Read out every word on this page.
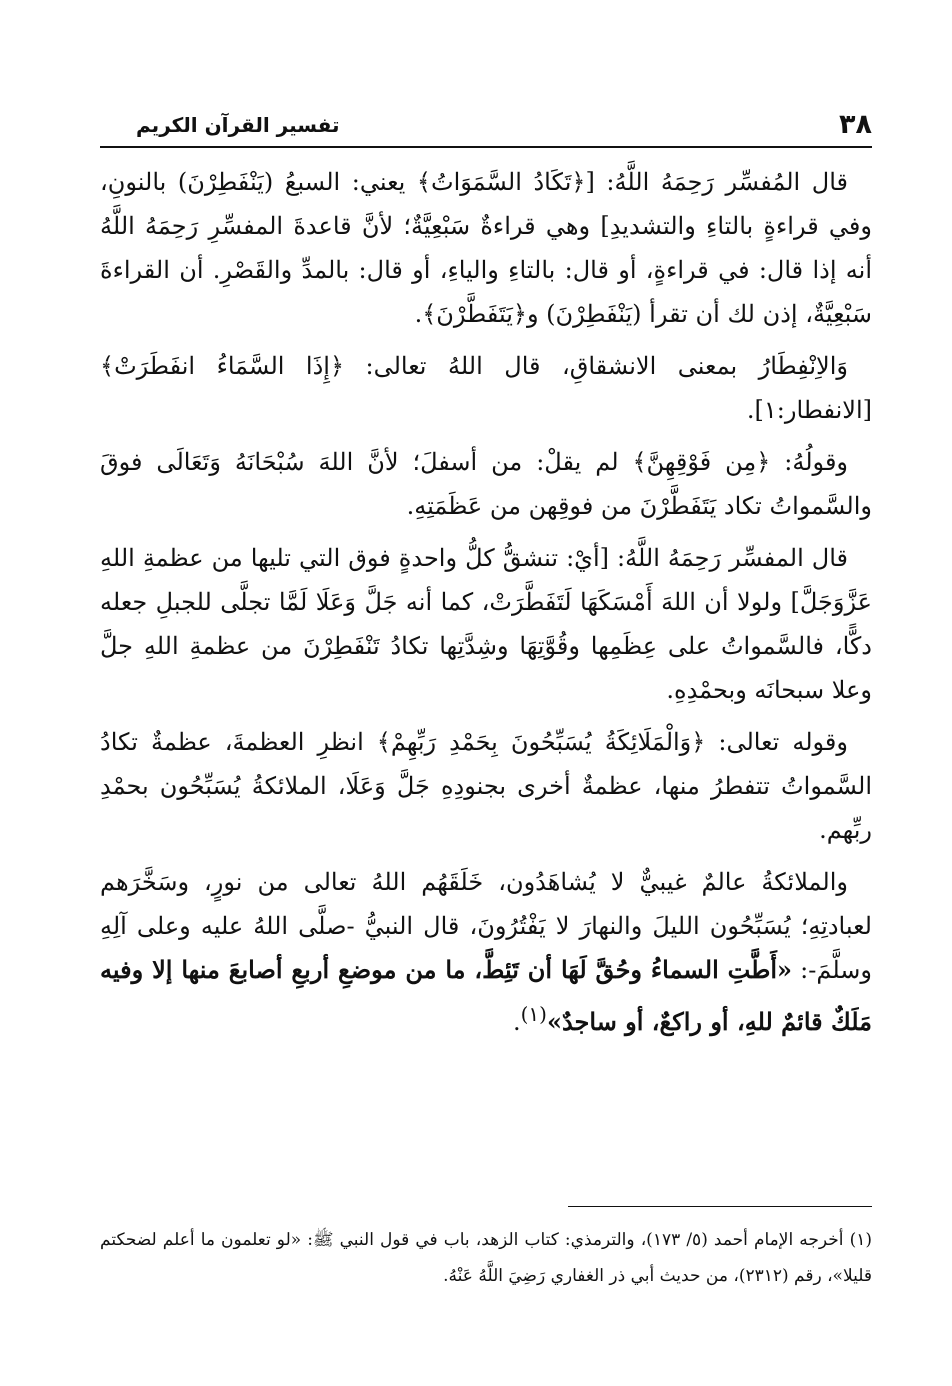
٣٨
تفسير القرآن الكريم

قال المُفسِّر رَحِمَهُ اللَّهُ: [﴿تَكَادُ السَّمَوَاتُ﴾ يعني: السبعُ (يَنْفَطِرْنَ) بالنونِ، وفي قراءةٍ بالتاءِ والتشديدِ] وهي قراءةٌ سَبْعِيَّةٌ؛ لأنَّ قاعدةَ المفسِّرِ رَحِمَهُ اللَّهُ أنه إذا قال: في قراءةٍ، أو قال: بالتاءِ والياءِ، أو قال: بالمدِّ والقَصْرِ. أن القراءةَ سَبْعِيَّةٌ، إذن لك أن تقرأ (يَنْفَطِرْنَ) و﴿يَتَفَطَّرْنَ﴾.

وَالاِنْفِطَارُ بمعنى الانشقاقِ، قال اللهُ تعالى: ﴿إِذَا السَّمَاءُ انفَطَرَتْ﴾ [الانفطار:١].

وقولُهُ: ﴿مِن فَوْقِهِنَّ﴾ لم يقلْ: من أسفلَ؛ لأنَّ اللهَ سُبْحَانَهُ وَتَعَالَى فوقَ والسَّمواتُ تكاد يَتَفَطَّرْنَ من فوقِهن من عَظَمَتِهِ.

قال المفسِّر رَحِمَهُ اللَّهُ: [أيْ: تنشقُّ كلُّ واحدةٍ فوق التي تليها من عظمةِ اللهِ عَزَّوَجَلَّ] ولولا أن اللهَ أَمْسَكَهَا لَتَفَطَّرَتْ، كما أنه جَلَّ وَعَلَا لَمَّا تجلَّى للجبلِ جعله دكًّا، فالسَّمواتُ على عِظَمِها وقُوَّتِهَا وشِدَّتِها تكادُ تَنْفَطِرْنَ من عظمةِ اللهِ جلَّ وعلا سبحانَه وبحمْدِهِ.

وقوله تعالى: ﴿وَالْمَلَائِكَةُ يُسَبِّحُونَ بِحَمْدِ رَبِّهِمْ﴾ انظرِ العظمةَ، عظمةٌ تكادُ السَّمواتُ تتفطرُ منها، عظمةٌ أخرى بجنودِهِ جَلَّ وَعَلَا، الملائكةُ يُسَبِّحُون بحمْدِ ربِّهم.

والملائكةُ عالمٌ غيبيٌّ لا يُشاهَدُون، خَلَقَهُم اللهُ تعالى من نورٍ، وسَخَّرَهم لعبادتِهِ؛ يُسَبِّحُون الليلَ والنهارَ لا يَفْتُرُونَ، قال النبيُّ -صلَّى اللهُ عليه وعلى آلِهِ وسلَّمَ-: «أَطَّتِ السماءُ وحُقَّ لَهَا أن تَئِطَّ، ما من موضعِ أربعِ أصابعَ منها إلا وفيه مَلَكٌ قائمٌ للهِ، أو راكعٌ، أو ساجدٌ»$^{(١)}$.

(١) أخرجه الإمام أحمد (٥/ ١٧٣)، والترمذي: كتاب الزهد، باب في قول النبي ﷺ: «لو تعلمون ما أعلم لضحكتم قليلا»، رقم (٢٣١٢)، من حديث أبي ذر الغفاري رَضِيَ اللَّهُ عَنْهُ.
